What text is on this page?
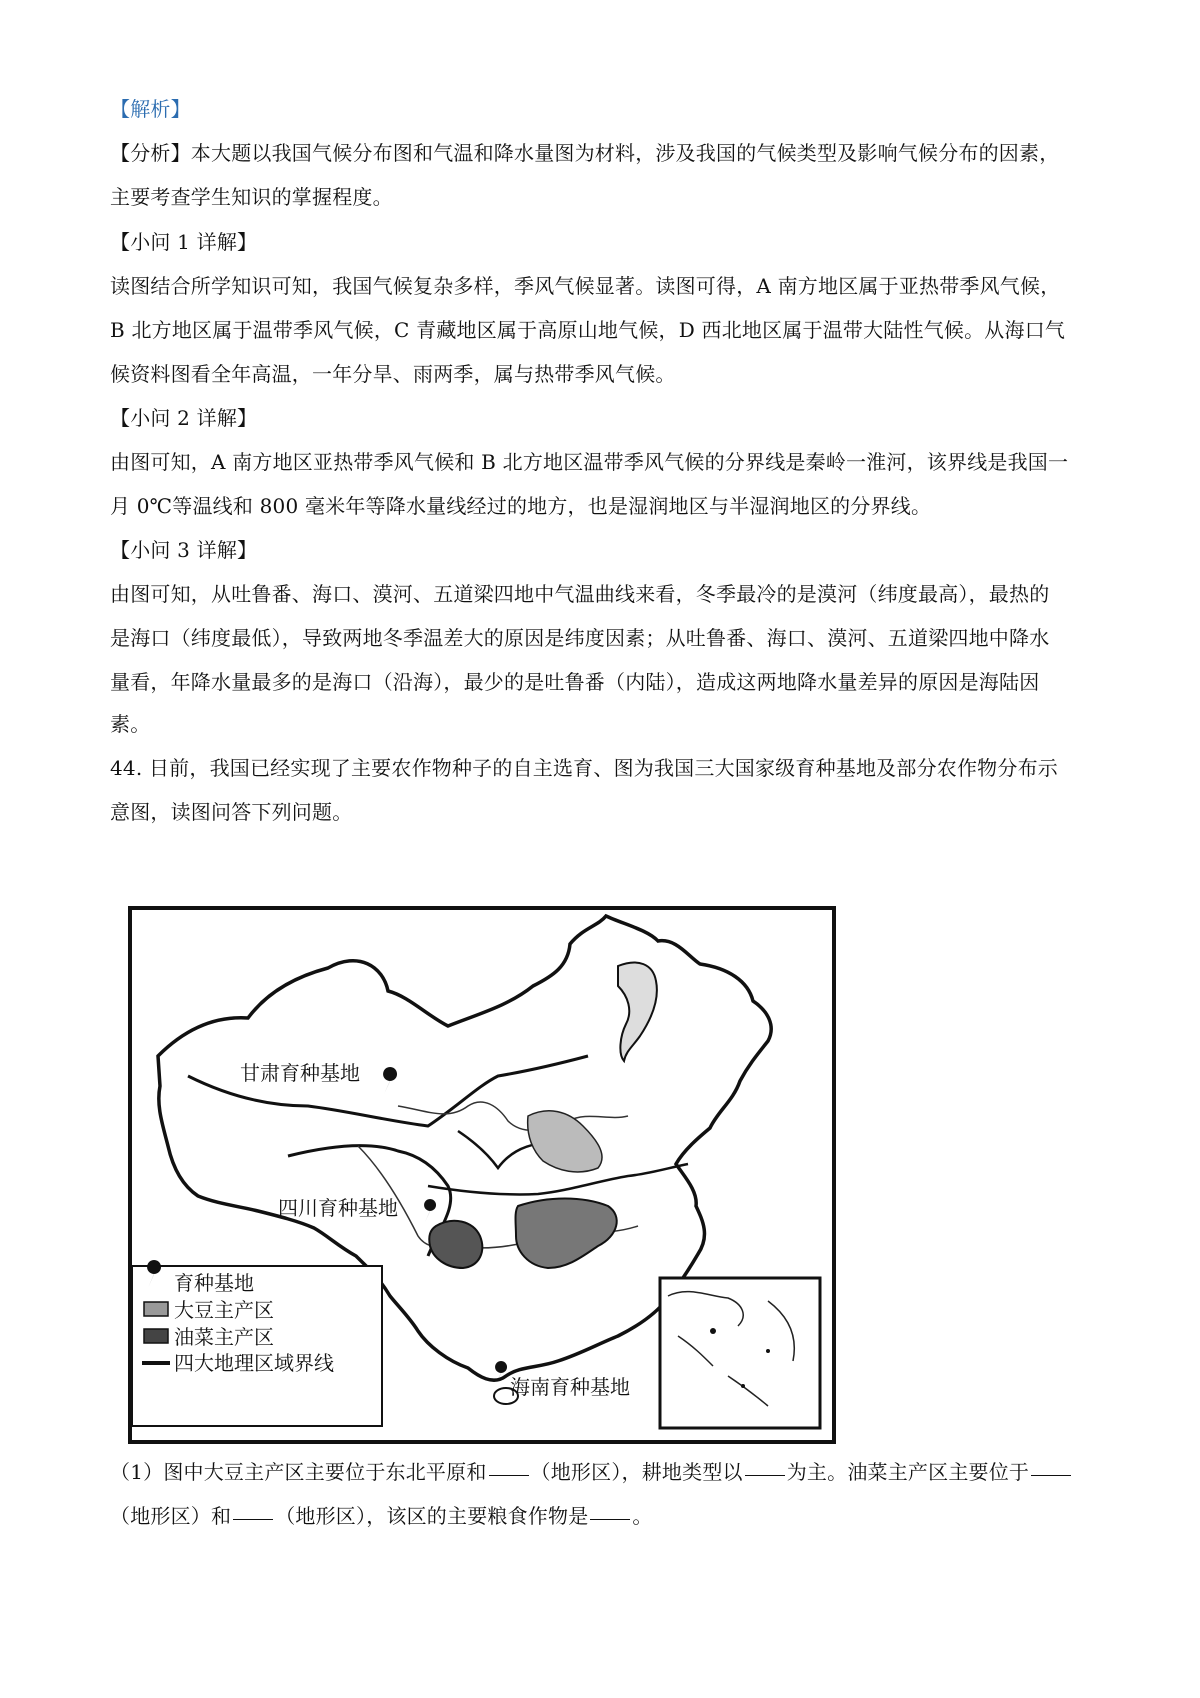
【解析】
【分析】本大题以我国气候分布图和气温和降水量图为材料，涉及我国的气候类型及影响气候分布的因素，
主要考查学生知识的掌握程度。
【小问 1 详解】
读图结合所学知识可知，我国气候复杂多样，季风气候显著。读图可得，A 南方地区属于亚热带季风气候，
B 北方地区属于温带季风气候，C 青藏地区属于高原山地气候，D 西北地区属于温带大陆性气候。从海口气
候资料图看全年高温，一年分旱、雨两季，属与热带季风气候。
【小问 2 详解】
由图可知，A 南方地区亚热带季风气候和 B 北方地区温带季风气候的分界线是秦岭一淮河，该界线是我国一
月 0℃等温线和 800 毫米年等降水量线经过的地方，也是湿润地区与半湿润地区的分界线。
【小问 3 详解】
由图可知，从吐鲁番、海口、漠河、五道梁四地中气温曲线来看，冬季最冷的是漠河（纬度最高），最热的
是海口（纬度最低），导致两地冬季温差大的原因是纬度因素；从吐鲁番、海口、漠河、五道梁四地中降水
量看，年降水量最多的是海口（沿海），最少的是吐鲁番（内陆），造成这两地降水量差异的原因是海陆因
素。
44. 日前，我国已经实现了主要农作物种子的自主选育、图为我国三大国家级育种基地及部分农作物分布示
意图，读图问答下列问题。
甘肃育种基地
四川育种基地
海南育种基地
育种基地
大豆主产区
油菜主产区
四大地理区域界线
（1）图中大豆主产区主要位于东北平原和 （地形区），耕地类型以 为主。油菜主产区主要位于
（地形区）和 （地形区），该区的主要粮食作物是 。
